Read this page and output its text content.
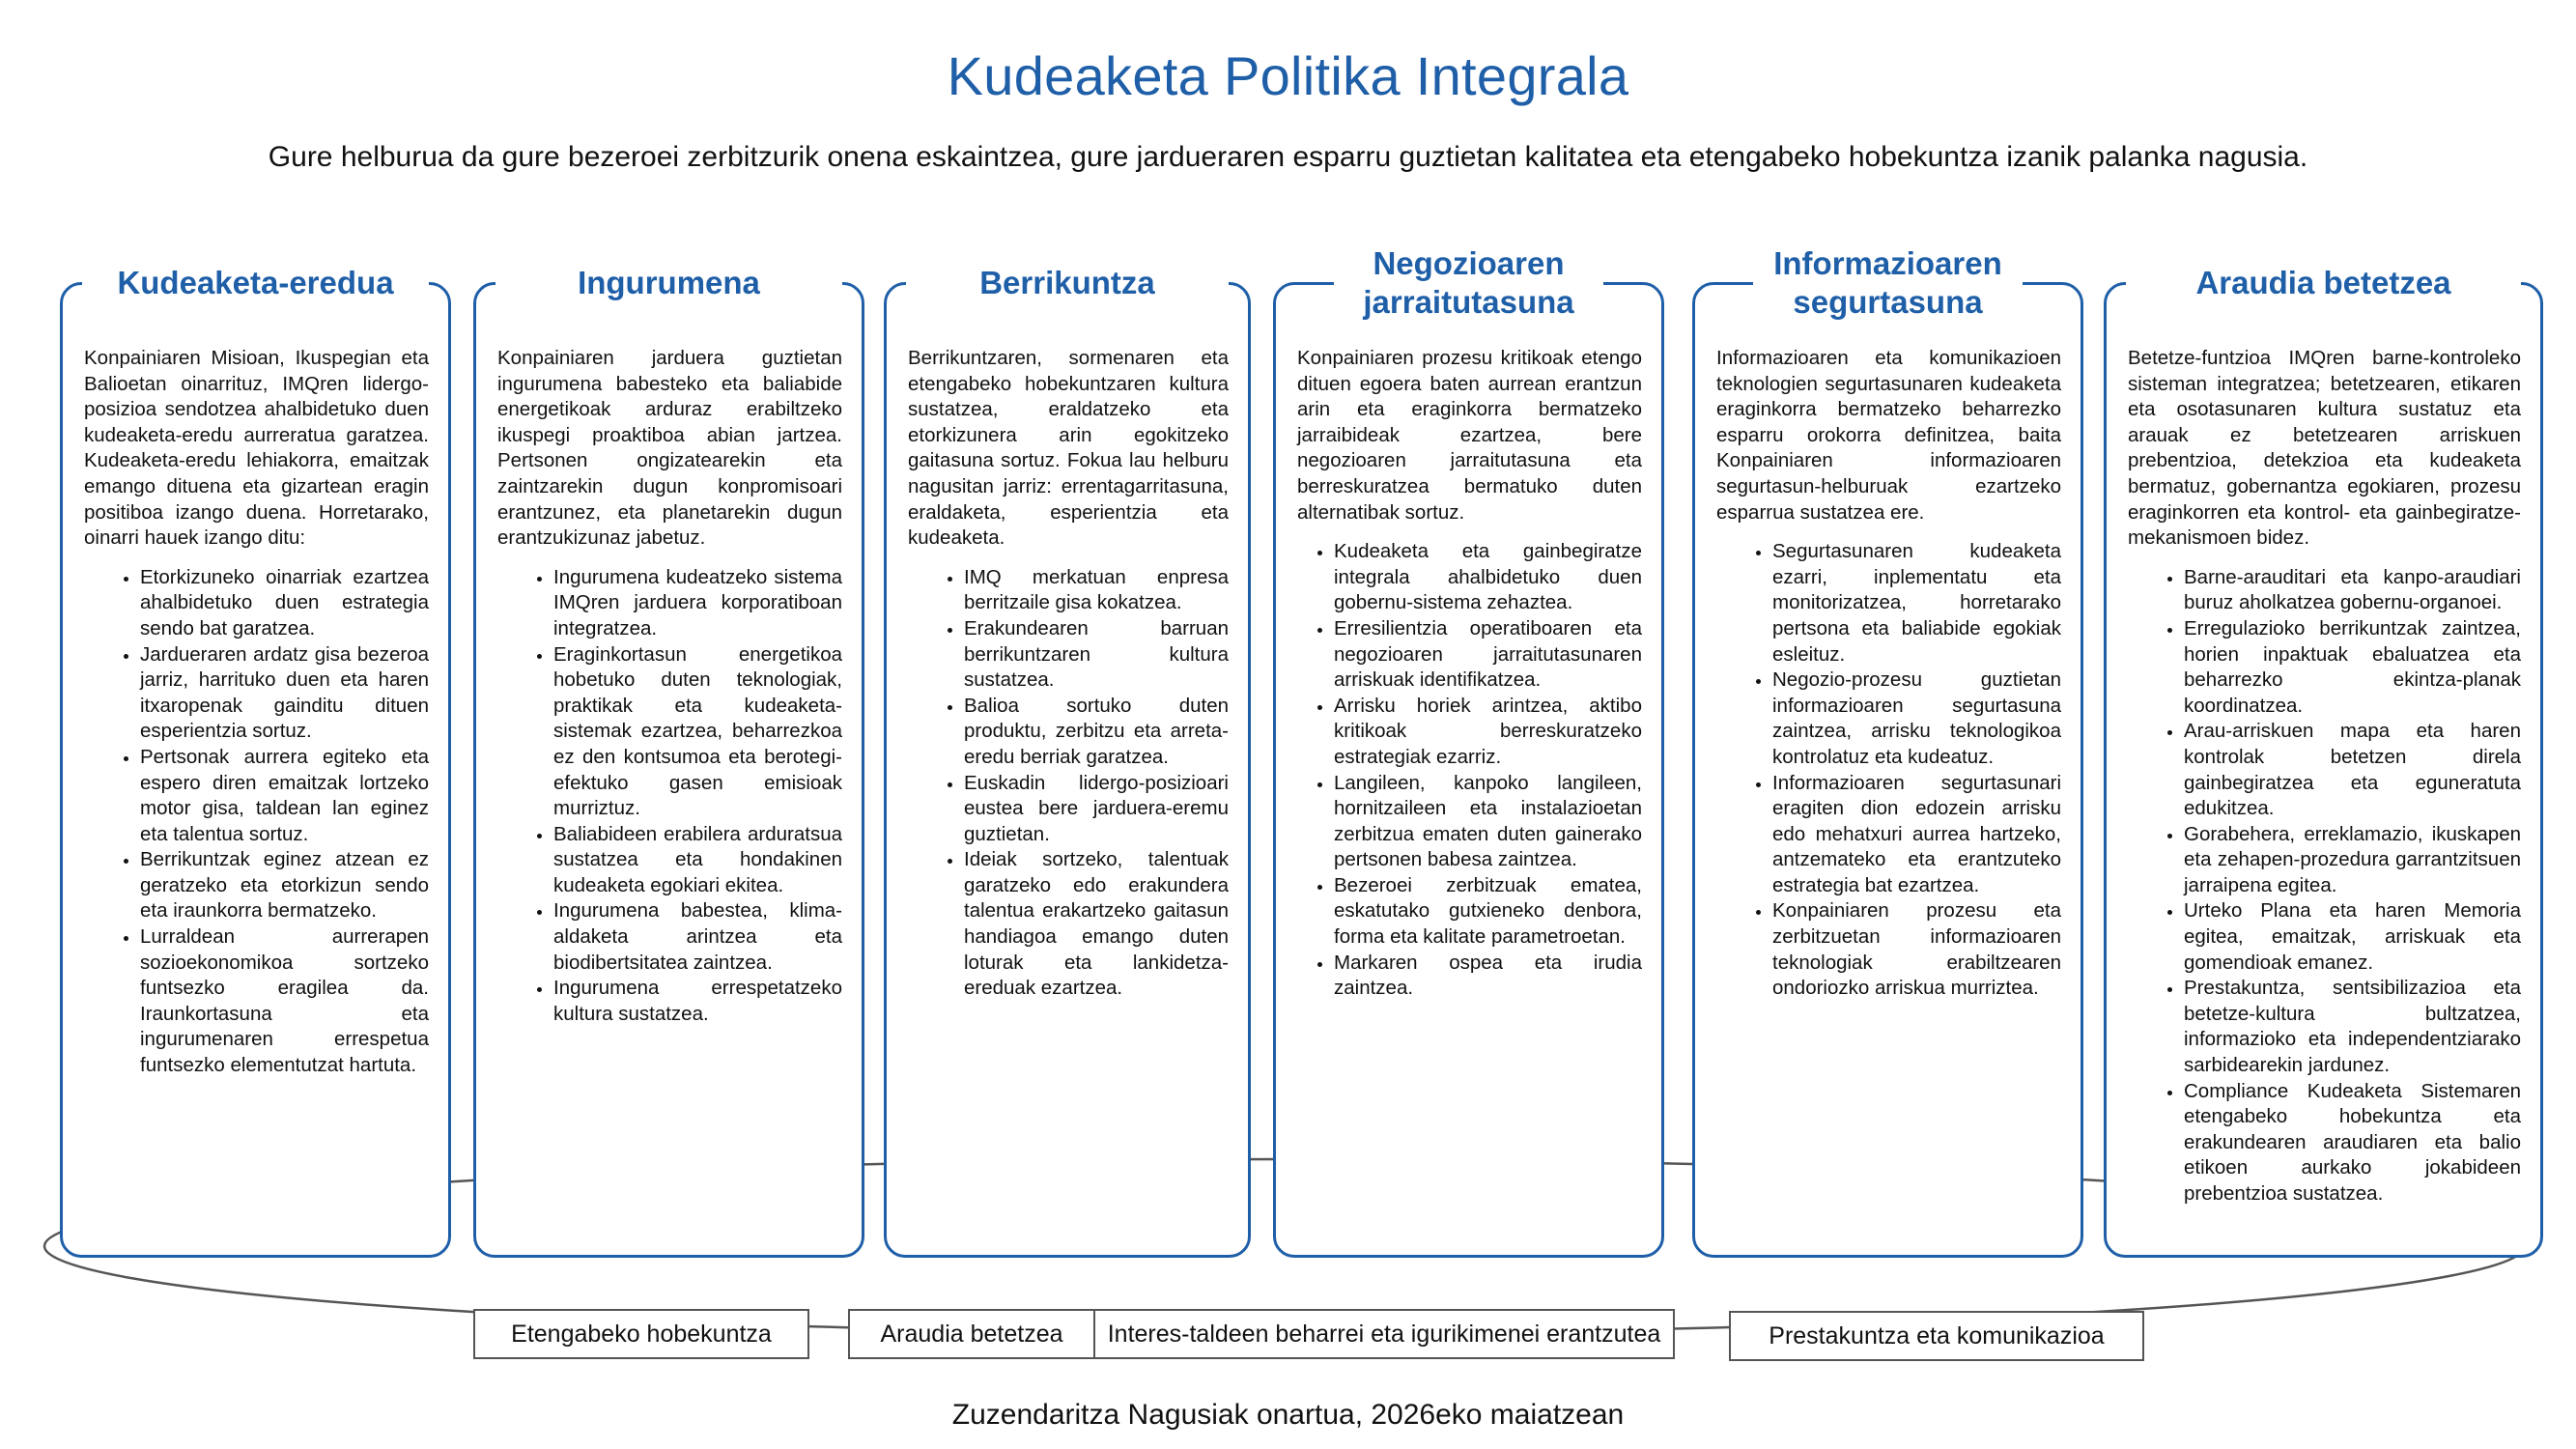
Kudeaketa Politika Integrala
Gure helburua da gure bezeroei zerbitzurik onena eskaintzea, gure jardueraren esparru guztietan kalitatea eta etengabeko hobekuntza izanik palanka nagusia.
Kudeaketa-eredua

Konpainiaren Misioan, Ikuspegian eta Balioetan oinarrituz, IMQren lidergo-posizioa sendotzea ahalbidetuko duen kudeaketa-eredu aurreratua garatzea. Kudeaketa-eredu lehiakorra, emaitzak emango dituena eta gizartean eragin positiboa izango duena. Horretarako, oinarri hauek izango ditu:

• Etorkizuneko oinarriak ezartzea ahalbidetuko duen estrategia sendo bat garatzea.
• Jarduerаren ardatz gisa bezeroa jarriz, harrituko duen eta haren itxaropenak gainditu dituen esperientzia sortuz.
• Pertsonak aurrera egiteko eta espero diren emaitzak lortzeko motor gisa, taldean lan eginez eta talentua sortuz.
• Berrikuntzak eginez atzean ez geratzeko eta etorkizun sendo eta iraunkorra bermatzeko.
• Lurraldean aurrerapen sozioekonomikoa sortzeko funtsezko eragilea da. Iraunkortasuna eta ingurumenaren errespetua funtsezko elementutzat hartuta.
Ingurumena

Konpainiaren jarduera guztietan ingurumena babesteko eta baliabide energetikoak arduraz erabiltzeko ikuspegi proaktiboa abian jartzea. Pertsonen ongizatearekin eta zaintzarekin dugun konpromisoari erantzunez, eta planetarekin dugun erantzukizunaz jabetuz.

• Ingurumena kudeatzeko sistema IMQren jarduera korporatiboan integratzea.
• Eraginkortasun energetikoa hobetuko duten teknologiak, praktikak eta kudeaketa-sistemak ezartzea, beharrezkoa ez den kontsumoa eta berotegi-efektuko gasen emisioak murriztuz.
• Baliabideen erabilera arduratsua sustatzea eta hondakinen kudeaketa egokiari ekitea.
• Ingurumena babestea, klima-aldaketa arintzea eta biodibertsitatea zaintzea.
• Ingurumena errespetatzeko kultura sustatzea.
Berrikuntza

Berrikuntzaren, sormenaren eta etengabeko hobekuntzaren kultura sustatzea, eraldatzeko eta etorkizunera arin egokitzeko gaitasuna sortuz. Fokua lau helburu nagusitan jarriz: errentagarritasuna, eraldaketa, esperientzia eta kudeaketa.

• IMQ merkatuan enpresa berritzaile gisa kokatzea.
• Erakundearen barruan berrikuntzaren kultura sustatzea.
• Balioa sortuko duten produktu, zerbitzu eta arreta-eredu berriak garatzea.
• Euskadin lidergo-posizioari eustea bere jarduera-eremu guztietan.
• Ideiak sortzeko, talentuak garatzeko edo erakundera talentua erakartzeko gaitasun handiagoa emango duten loturak eta lankidetza-ereduak ezartzea.
Negozioaren jarraitutasuna

Konpainiaren prozesu kritikoak etengo dituen egoera baten aurrean erantzun arin eta eraginkorra bermatzeko jarraibideak ezartzea, bere negozioaren jarraitutasuna eta berreskuratzea bermatuko duten alternatibak sortuz.

• Kudeaketa eta gainbegiratze integrala ahalbidetuko duen gobernu-sistema zehaztea.
• Erresilientzia operatiboaren eta negozioaren jarraitutasunaren arriskuak identifikatzea.
• Arrisku horiek arintzea, aktibo kritikoak berreskuratzeko estrategiak ezarriz.
• Langileen, kanpoko langileen, hornitzaileen eta instalazioetan zerbitzua ematen duten gainerako pertsonen babesa zaintzea.
• Bezeroei zerbitzuak ematea, eskatutako gutxieneko denbora, forma eta kalitate parametroetan.
• Markaren ospea eta irudia zaintzea.
Informazioaren segurtasuna

Informazioaren eta komunikazioen teknologien segurtasunaren kudeaketa eraginkorra bermatzeko beharrezko esparru orokorra definitzea, baita Konpainiaren informazioaren segurtasun-helburuak ezartzeko esparrua sustatzea ere.

• Segurtasunaren kudeaketa ezarri, inplementatu eta monitorizatzea, horretarako pertsona eta baliabide egokiak esleituz.
• Negozio-prozesu guztietan informazioaren segurtasuna zaintzea, arrisku teknologikoa kontrolatuz eta kudeatuz.
• Informazioaren segurtasunari eragiten dion edozein arrisku edo mehatxuri aurrea hartzeko, antzemateko eta erantzuteko estrategia bat ezartzea.
• Konpainiaren prozesu eta zerbitzuetan informazioaren teknologiak erabiltzearen ondoriozko arriskua murriztea.
Araudia betetzea

Betetze-funtzioa IMQren barne-kontroleko sisteman integratzea; betetzearen, etikaren eta osotasunaren kultura sustatuz eta arauak ez betetzearen arriskuen prebentzioa, detekzioa eta kudeaketa bermatuz, gobernantza egokiaren, prozesu eraginkorren eta kontrol- eta gainbegiratze-mekanismoen bidez.

• Barne-arauditari eta kanpo-araudiari buruz aholkatzea gobernu-organoei.
• Erregulazioko berrikuntzak zaintzea, horien inpaktuak ebaluatzea eta beharrezko ekintza-planak koordinatzea.
• Arau-arriskuen mapa eta haren kontrolak betetzen direla gainbegiratzea eta eguneratuta edukitzea.
• Gorabehera, erreklamazio, ikuskapen eta zehapen-prozedura garrantzitsuen jarraipena egitea.
• Urteko Plana eta haren Memoria egitea, emaitzak, arriskuak eta gomendioak emanez.
• Prestakuntza, sentsibilizazioa eta betetze-kultura bultzatzea, informazioko eta independentziarako sarbidearekin jardunez.
• Compliance Kudeaketa Sistemaren etengabeko hobekuntza eta erakundearen araudiaren eta balio etikoen aurkako jokabideen prebentzioa sustatzea.
Etengabeko hobekuntza	Araudia betetzea	Interes-taldeen beharrei eta igurikimenei erantzutea	Prestakuntza eta komunikazioa
Zuzendaritza Nagusiak onartua, 2026eko maiatzean
